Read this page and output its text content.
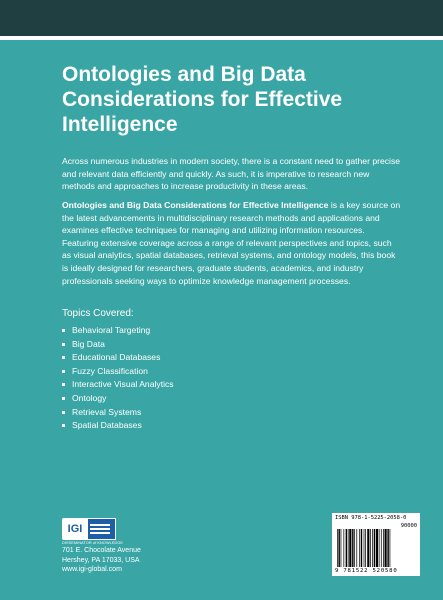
Ontologies and Big Data Considerations for Effective Intelligence

Across numerous industries in modern society, there is a constant need to gather precise and relevant data efficiently and quickly. As such, it is imperative to research new methods and approaches to increase productivity in these areas.

Ontologies and Big Data Considerations for Effective Intelligence is a key source on the latest advancements in multidisciplinary research methods and applications and examines effective techniques for managing and utilizing information resources. Featuring extensive coverage across a range of relevant perspectives and topics, such as visual analytics, spatial databases, retrieval systems, and ontology models, this book is ideally designed for researchers, graduate students, academics, and industry professionals seeking ways to optimize knowledge management processes.

Topics Covered:
Behavioral Targeting
Big Data
Educational Databases
Fuzzy Classification
Interactive Visual Analytics
Ontology
Retrieval Systems
Spatial Databases
IGI
DISSEMINATOR of KNOWLEDGE
701 E. Chocolate Avenue
Hershey, PA 17033, USA
www.igi-global.com
ISBN 978-1-5225-2058-0
90000
9 781522 520580
